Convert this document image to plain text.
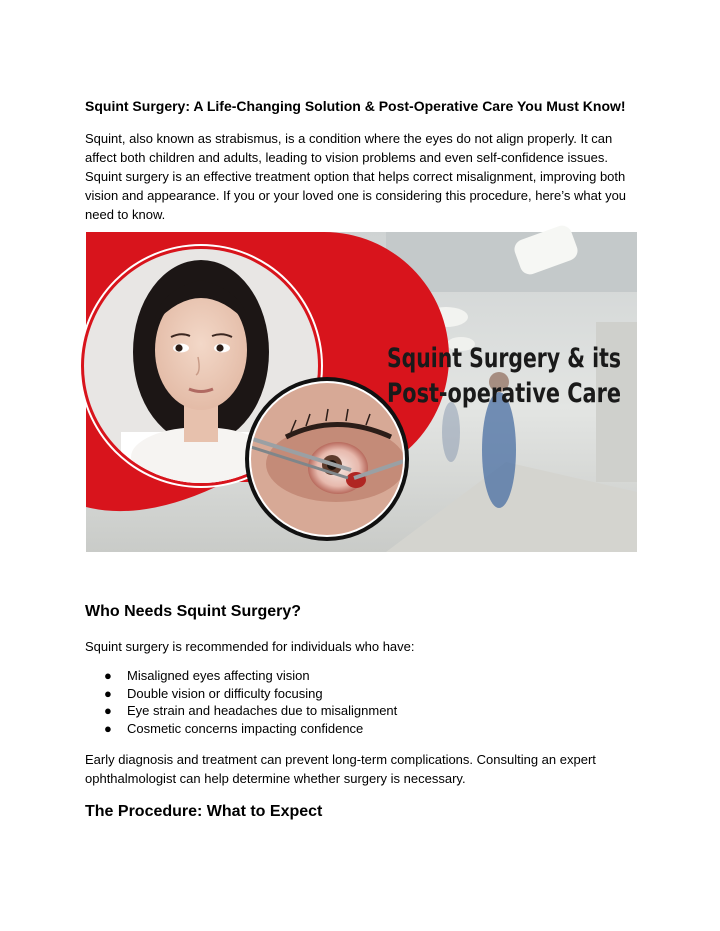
Squint Surgery: A Life-Changing Solution & Post-Operative Care You Must Know!

Squint, also known as strabismus, is a condition where the eyes do not align properly. It can affect both children and adults, leading to vision problems and even self-confidence issues. Squint surgery is an effective treatment option that helps correct misalignment, improving both vision and appearance. If you or your loved one is considering this procedure, here’s what you need to know.

Squint Surgery & its
Post-operative Care
Who Needs Squint Surgery?

Squint surgery is recommended for individuals who have:

● Misaligned eyes affecting vision
● Double vision or difficulty focusing
● Eye strain and headaches due to misalignment
● Cosmetic concerns impacting confidence

Early diagnosis and treatment can prevent long-term complications. Consulting an expert ophthalmologist can help determine whether surgery is necessary.

The Procedure: What to Expect
